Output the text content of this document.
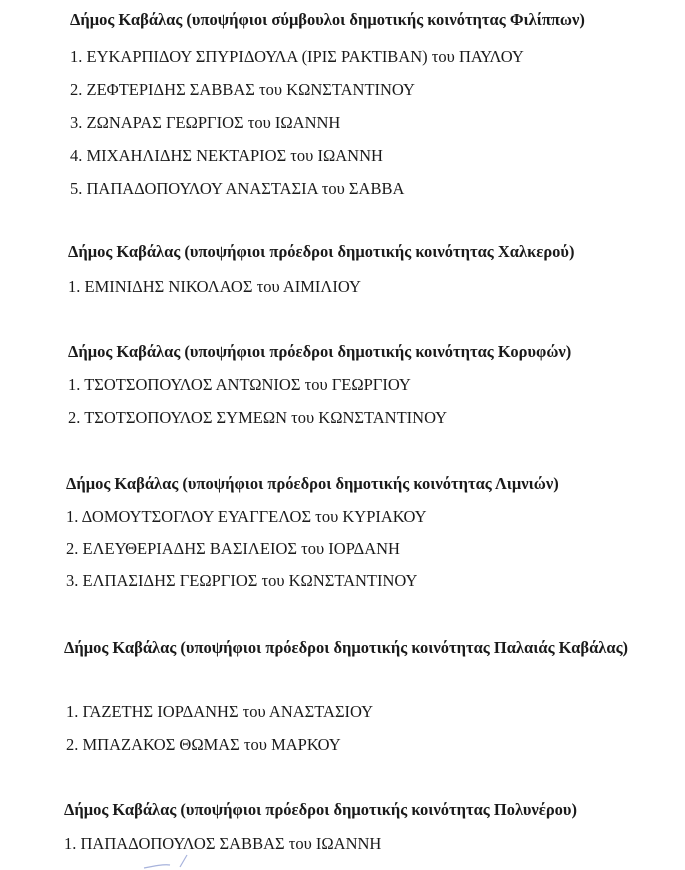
Δήμος Καβάλας (υποψήφιοι σύμβουλοι δημοτικής κοινότητας Φιλίππων)
1. ΕΥΚΑΡΠΙΔΟΥ ΣΠΥΡΙΔΟΥΛΑ (ΙΡΙΣ ΡΑΚΤΙΒΑΝ) του ΠΑΥΛΟΥ
2. ΖΕΦΤΕΡΙΔΗΣ ΣΑΒΒΑΣ του ΚΩΝΣΤΑΝΤΙΝΟΥ
3. ΖΩΝΑΡΑΣ ΓΕΩΡΓΙΟΣ του ΙΩΑΝΝΗ
4. ΜΙΧΑΗΛΙΔΗΣ ΝΕΚΤΑΡΙΟΣ του ΙΩΑΝΝΗ
5. ΠΑΠΑΔΟΠΟΥΛΟΥ ΑΝΑΣΤΑΣΙΑ του ΣΑΒΒΑ
Δήμος Καβάλας (υποψήφιοι πρόεδροι δημοτικής κοινότητας Χαλκερού)
1. ΕΜΙΝΙΔΗΣ ΝΙΚΟΛΑΟΣ του ΑΙΜΙΛΙΟΥ
Δήμος Καβάλας (υποψήφιοι πρόεδροι δημοτικής κοινότητας Κορυφών)
1. ΤΣΟΤΣΟΠΟΥΛΟΣ ΑΝΤΩΝΙΟΣ του ΓΕΩΡΓΙΟΥ
2. ΤΣΟΤΣΟΠΟΥΛΟΣ ΣΥΜΕΩΝ του ΚΩΝΣΤΑΝΤΙΝΟΥ
Δήμος Καβάλας (υποψήφιοι πρόεδροι δημοτικής κοινότητας Λιμνιών)
1. ΔΟΜΟΥΤΣΟΓΛΟΥ ΕΥΑΓΓΕΛΟΣ του ΚΥΡΙΑΚΟΥ
2. ΕΛΕΥΘΕΡΙΑΔΗΣ ΒΑΣΙΛΕΙΟΣ του ΙΟΡΔΑΝΗ
3. ΕΛΠΑΣΙΔΗΣ ΓΕΩΡΓΙΟΣ του ΚΩΝΣΤΑΝΤΙΝΟΥ
Δήμος Καβάλας (υποψήφιοι πρόεδροι δημοτικής κοινότητας Παλαιάς Καβάλας)
1. ΓΑΖΕΤΗΣ ΙΟΡΔΑΝΗΣ του ΑΝΑΣΤΑΣΙΟΥ
2. ΜΠΑΖΑΚΟΣ ΘΩΜΑΣ του ΜΑΡΚΟΥ
Δήμος Καβάλας (υποψήφιοι πρόεδροι δημοτικής κοινότητας Πολυνέρου)
1. ΠΑΠΑΔΟΠΟΥΛΟΣ ΣΑΒΒΑΣ του ΙΩΑΝΝΗ
